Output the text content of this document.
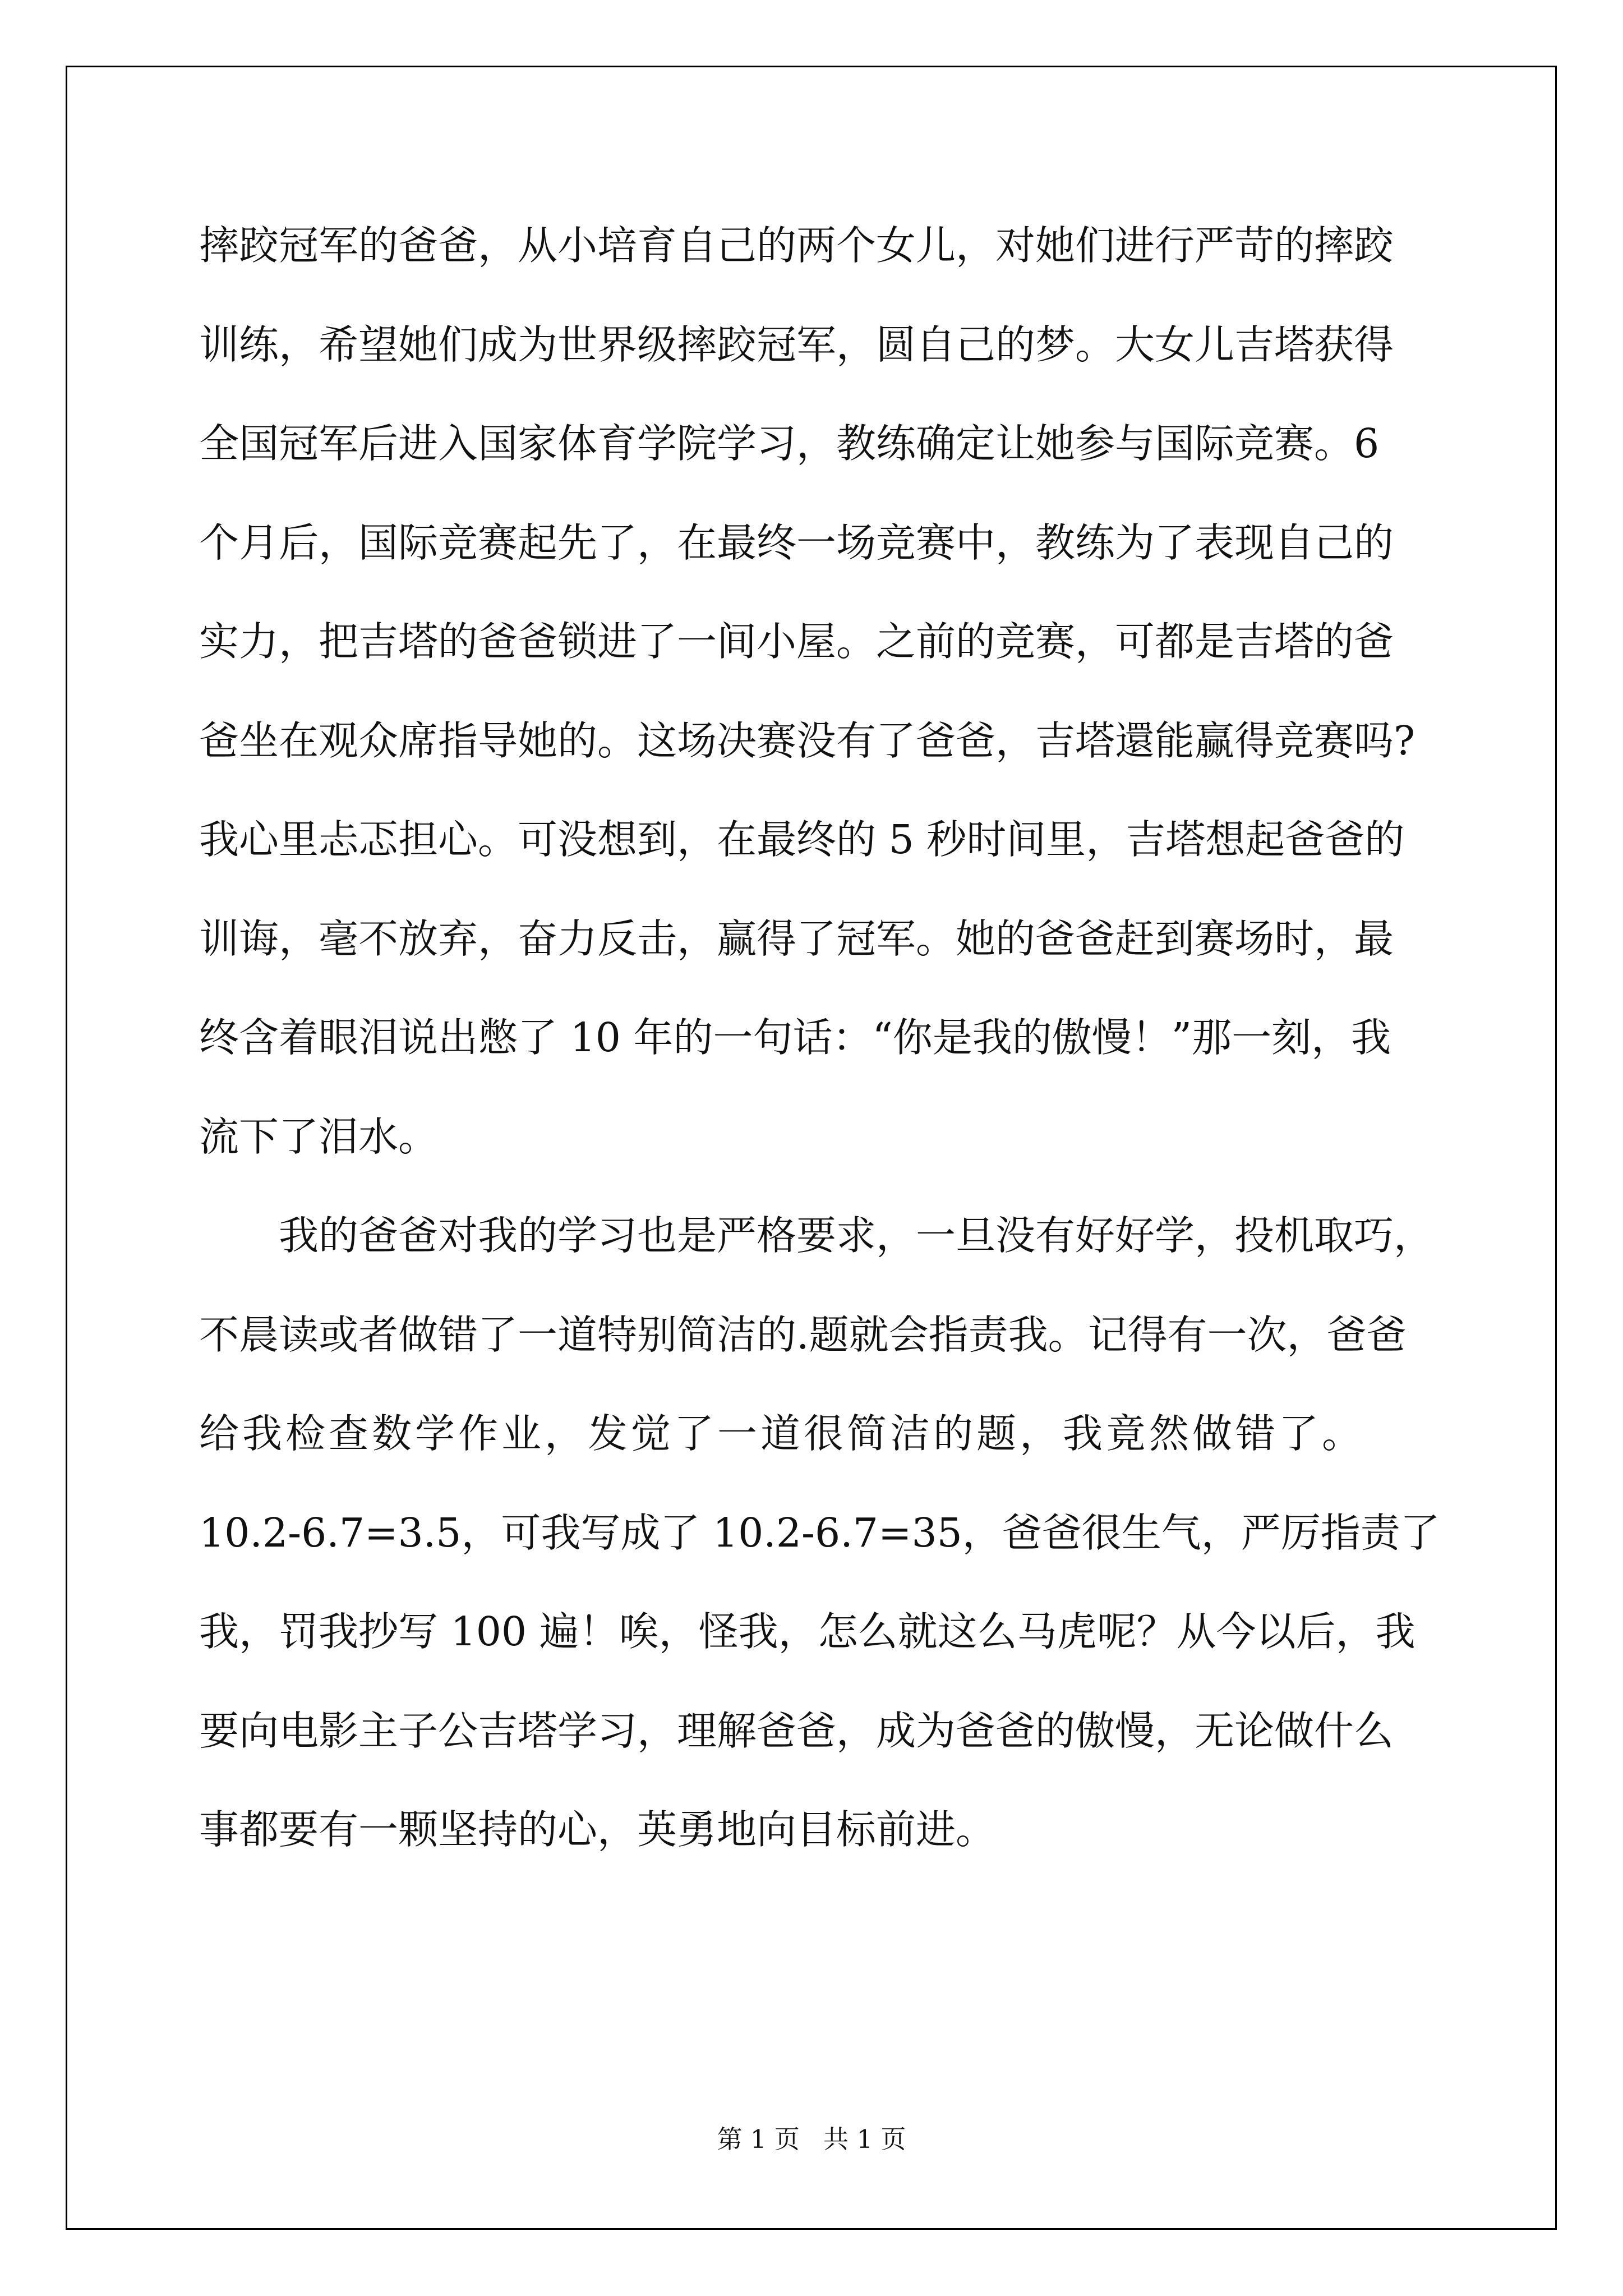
摔跤冠军的爸爸，从小培育自己的两个女儿，对她们进行严苛的摔跤
训练，希望她们成为世界级摔跤冠军，圆自己的梦。大女儿吉塔获得
全国冠军后进入国家体育学院学习，教练确定让她参与国际竞赛。6
个月后，国际竞赛起先了，在最终一场竞赛中，教练为了表现自己的
实力，把吉塔的爸爸锁进了一间小屋。之前的竞赛，可都是吉塔的爸
爸坐在观众席指导她的。这场决赛没有了爸爸，吉塔還能赢得竞赛吗?
我心里忐忑担心。可没想到，在最终的 5 秒时间里，吉塔想起爸爸的
训诲，毫不放弃，奋力反击，赢得了冠军。她的爸爸赶到赛场时，最
终含着眼泪说出憋了 10 年的一句话：“你是我的傲慢！”那一刻，我
流下了泪水。
我的爸爸对我的学习也是严格要求，一旦没有好好学，投机取巧，
不晨读或者做错了一道特别简洁的.题就会指责我。记得有一次，爸爸
给我检查数学作业，发觉了一道很简洁的题，我竟然做错了。
10.2-6.7=3.5，可我写成了 10.2-6.7=35，爸爸很生气，严厉指责了
我，罚我抄写 100 遍！唉，怪我，怎么就这么马虎呢？从今以后，我
要向电影主子公吉塔学习，理解爸爸，成为爸爸的傲慢，无论做什么
事都要有一颗坚持的心，英勇地向目标前进。
第 1 页 共 1 页
